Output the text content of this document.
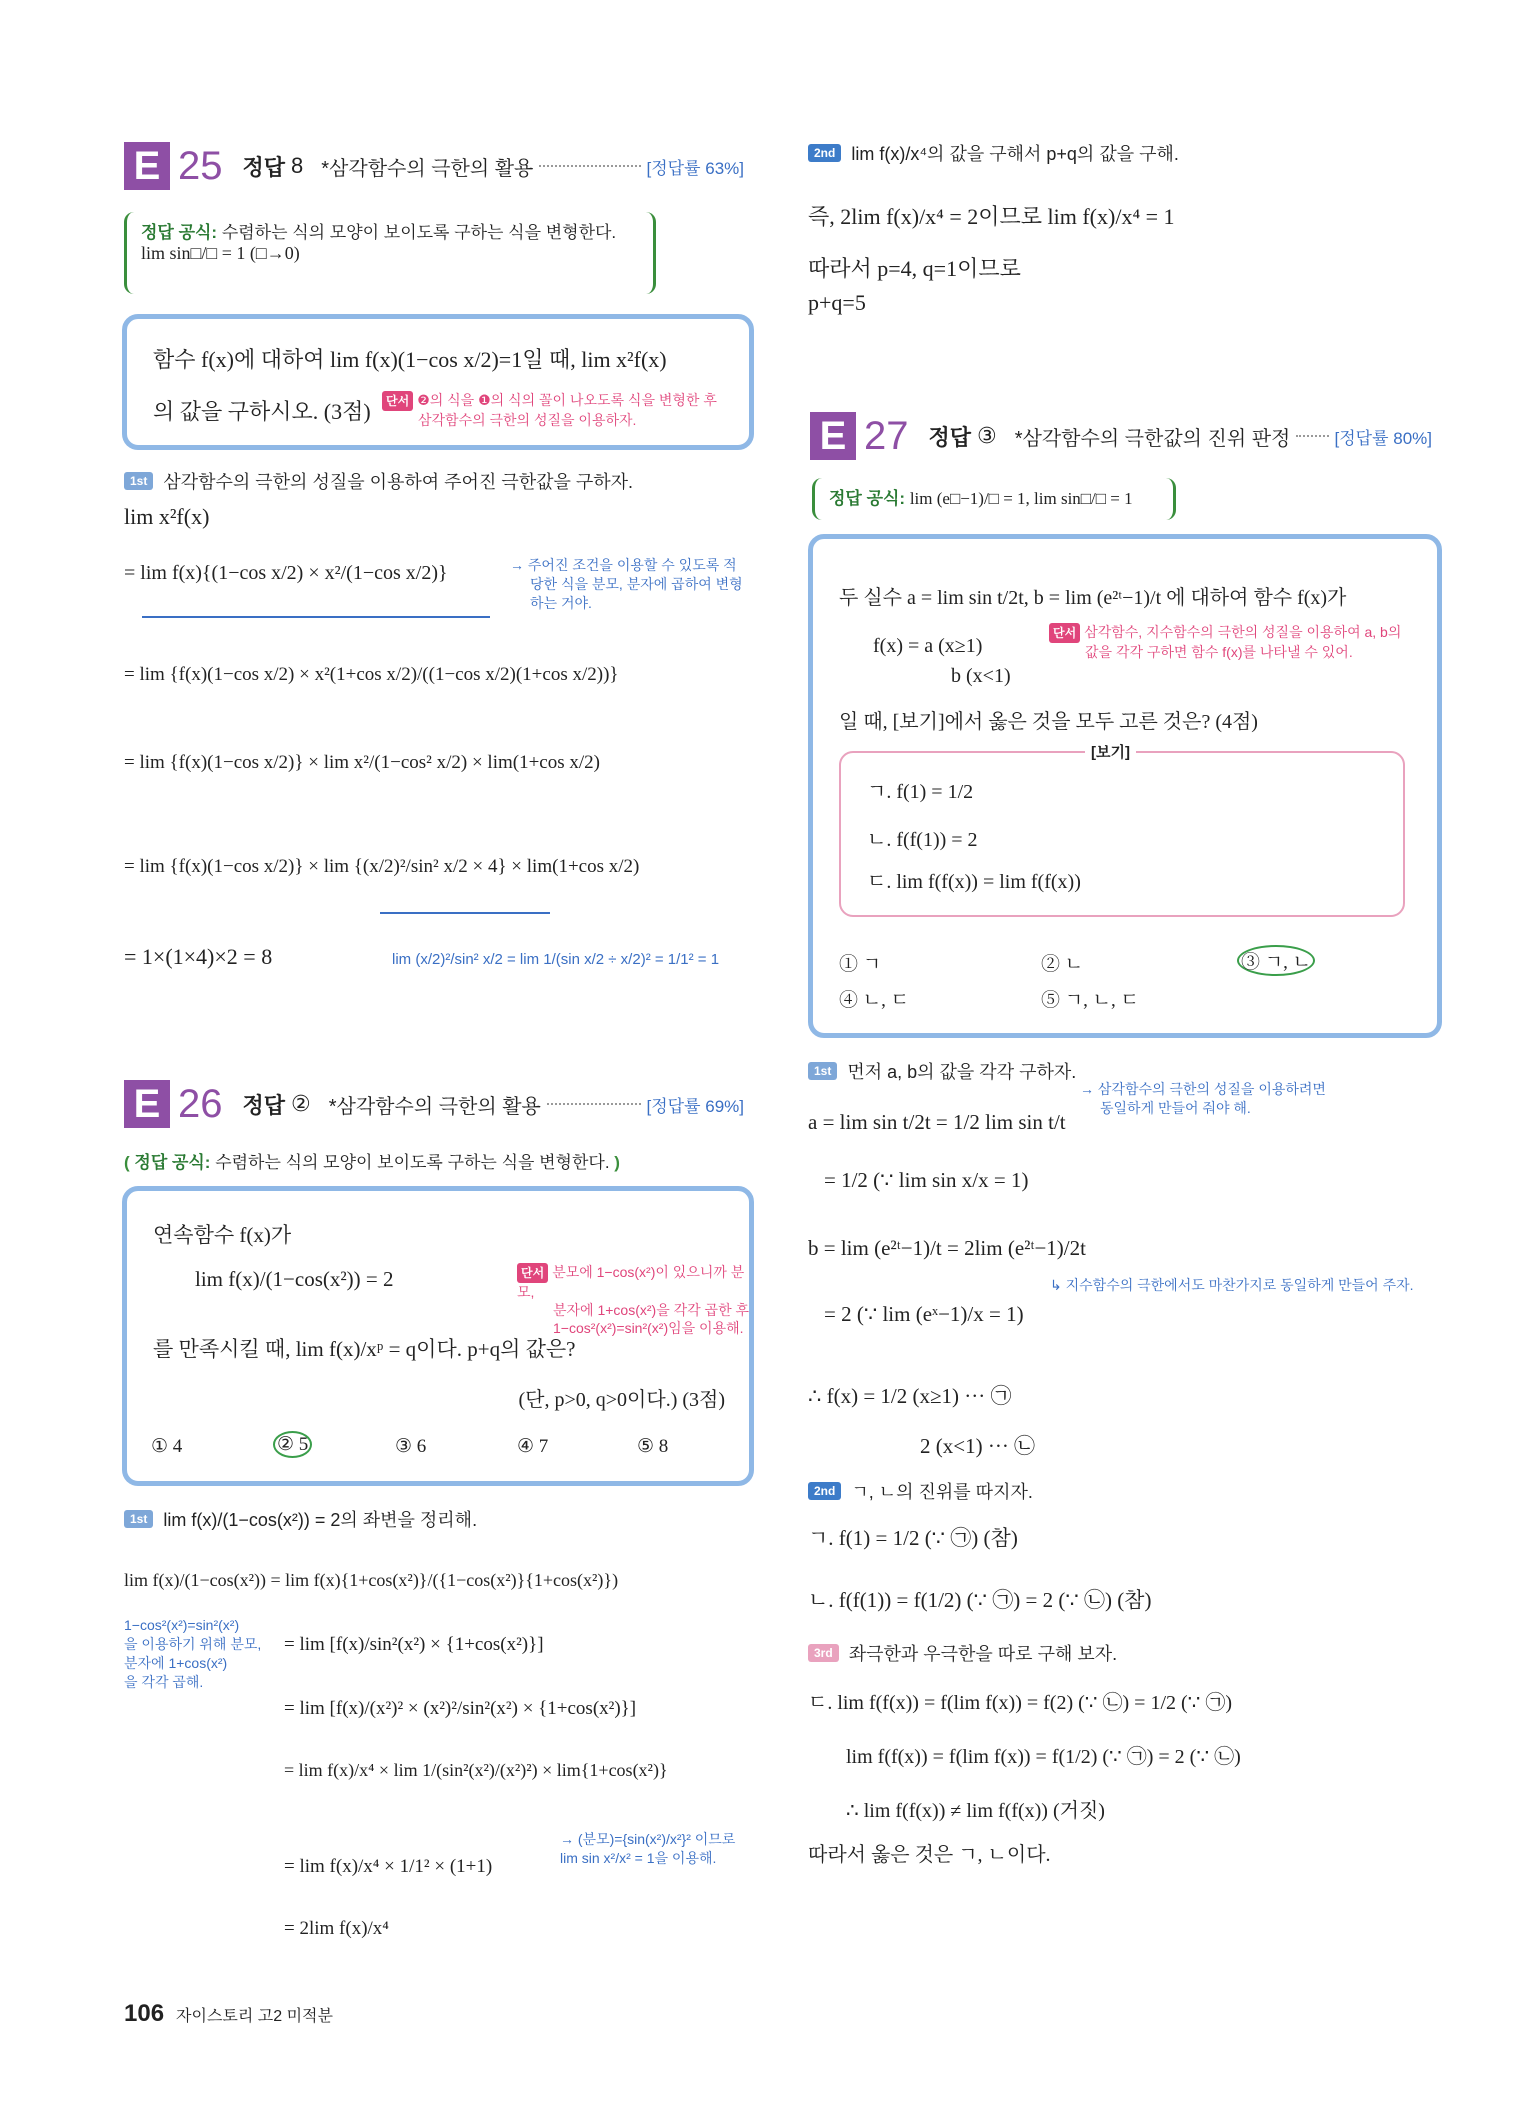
E 25 정답 8 *삼각함수의 극한의 활용	[정답률 63%]
정답 공식: 수렴하는 식의 모양이 보이도록 구하는 식을 변형한다.
lim sin□/□ = 1 (□→0)
함수 f(x)에 대하여 lim f(x)(1−cos x/2)=1일 때, lim x²f(x)
의 값을 구하시오. (3점)	단서 ❷의 식을 ❶의 식의 꼴이 나오도록 식을 변형한 후
삼각함수의 극한의 성질을 이용하자.
1st 삼각함수의 극한의 성질을 이용하여 주어진 극한값을 구하자.
lim x²f(x)
= lim f(x){(1−cos x/2) × x²/(1−cos x/2)}
= lim {f(x)(1−cos x/2) × x²(1+cos x/2)/((1−cos x/2)(1+cos x/2))}
= lim {f(x)(1−cos x/2)} × lim x²/(1−cos² x/2) × lim(1+cos x/2)
= lim {f(x)(1−cos x/2)} × lim {(x/2)²/sin² x/2 × 4} × lim(1+cos x/2)
= 1×(1×4)×2 = 8
→ 주어진 조건을 이용할 수 있도록 적
당한 식을 분모, 분자에 곱하여 변형
하는 거야.
lim (x/2)²/sin² x/2 = lim 1/(sin x/2 ÷ x/2)² = 1/1² = 1
E 26 정답 ② *삼각함수의 극한의 활용	[정답률 69%]
( 정답 공식: 수렴하는 식의 모양이 보이도록 구하는 식을 변형한다. )
연속함수 f(x)가
lim f(x)/(1−cos(x²)) = 2
를 만족시킬 때, lim f(x)/xᵖ = q이다. p+q의 값은?
(단, p>0, q>0이다.) (3점)
단서 분모에 1−cos(x²)이 있으니까 분모,
분자에 1+cos(x²)을 각각 곱한 후
1−cos²(x²)=sin²(x²)임을 이용해.
① 4	② 5	③ 6	④ 7	⑤ 8
1st lim f(x)/(1−cos(x²)) = 2의 좌변을 정리해.
lim f(x)/(1−cos(x²)) = lim f(x){1+cos(x²)}/({1−cos(x²)}{1+cos(x²)})
= lim [f(x)/sin²(x²) × {1+cos(x²)}]
= lim [f(x)/(x²)² × (x²)²/sin²(x²) × {1+cos(x²)}]
= lim f(x)/x⁴ × lim 1/(sin²(x²)/(x²)²) × lim{1+cos(x²)}
= lim f(x)/x⁴ × 1/1² × (1+1)
= 2lim f(x)/x⁴
1−cos²(x²)=sin²(x²)
을 이용하기 위해 분모,
분자에 1+cos(x²)
을 각각 곱해.
→ (분모)={sin(x²)/x²}² 이므로
lim sin x²/x² = 1을 이용해.
2nd lim f(x)/x⁴의 값을 구해서 p+q의 값을 구해.
즉, 2lim f(x)/x⁴ = 2이므로 lim f(x)/x⁴ = 1
따라서 p=4, q=1이므로
p+q=5
E 27 정답 ③ *삼각함수의 극한값의 진위 판정	[정답률 80%]
정답 공식: lim (e□−1)/□ = 1, lim sin□/□ = 1
두 실수 a = lim sin t/2t, b = lim (e²ᵗ−1)/t 에 대하여 함수 f(x)가
f(x) = a (x≥1)
b (x<1)
단서 삼각함수, 지수함수의 극한의 성질을 이용하여 a, b의
값을 각각 구하면 함수 f(x)를 나타낼 수 있어.
일 때, [보기]에서 옳은 것을 모두 고른 것은? (4점)
ㄱ. f(1) = 1/2
ㄴ. f(f(1)) = 2
ㄷ. lim f(f(x)) = lim f(f(x))
[보기]
① ㄱ	② ㄴ	③ ㄱ, ㄴ
④ ㄴ, ㄷ	⑤ ㄱ, ㄴ, ㄷ
1st 먼저 a, b의 값을 각각 구하자.
→ 삼각함수의 극한의 성질을 이용하려면
동일하게 만들어 줘야 해.
a = lim sin t/2t = 1/2 lim sin t/t
= 1/2 (∵ lim sin x/x = 1)
b = lim (e²ᵗ−1)/t = 2lim (e²ᵗ−1)/2t
↳ 지수함수의 극한에서도 마찬가지로 동일하게 만들어 주자.
= 2 (∵ lim (eˣ−1)/x = 1)
∴ f(x) = 1/2 (x≥1) ··· ㉠
2 (x<1) ··· ㉡
2nd ㄱ, ㄴ의 진위를 따지자.
ㄱ. f(1) = 1/2 (∵ ㉠) (참)
ㄴ. f(f(1)) = f(1/2) (∵ ㉠) = 2 (∵ ㉡) (참)
3rd 좌극한과 우극한을 따로 구해 보자.
ㄷ. lim f(f(x)) = f(lim f(x)) = f(2) (∵ ㉡) = 1/2 (∵ ㉠)
lim f(f(x)) = f(lim f(x)) = f(1/2) (∵ ㉠) = 2 (∵ ㉡)
∴ lim f(f(x)) ≠ lim f(f(x)) (거짓)
따라서 옳은 것은 ㄱ, ㄴ이다.
106 자이스토리 고2 미적분
